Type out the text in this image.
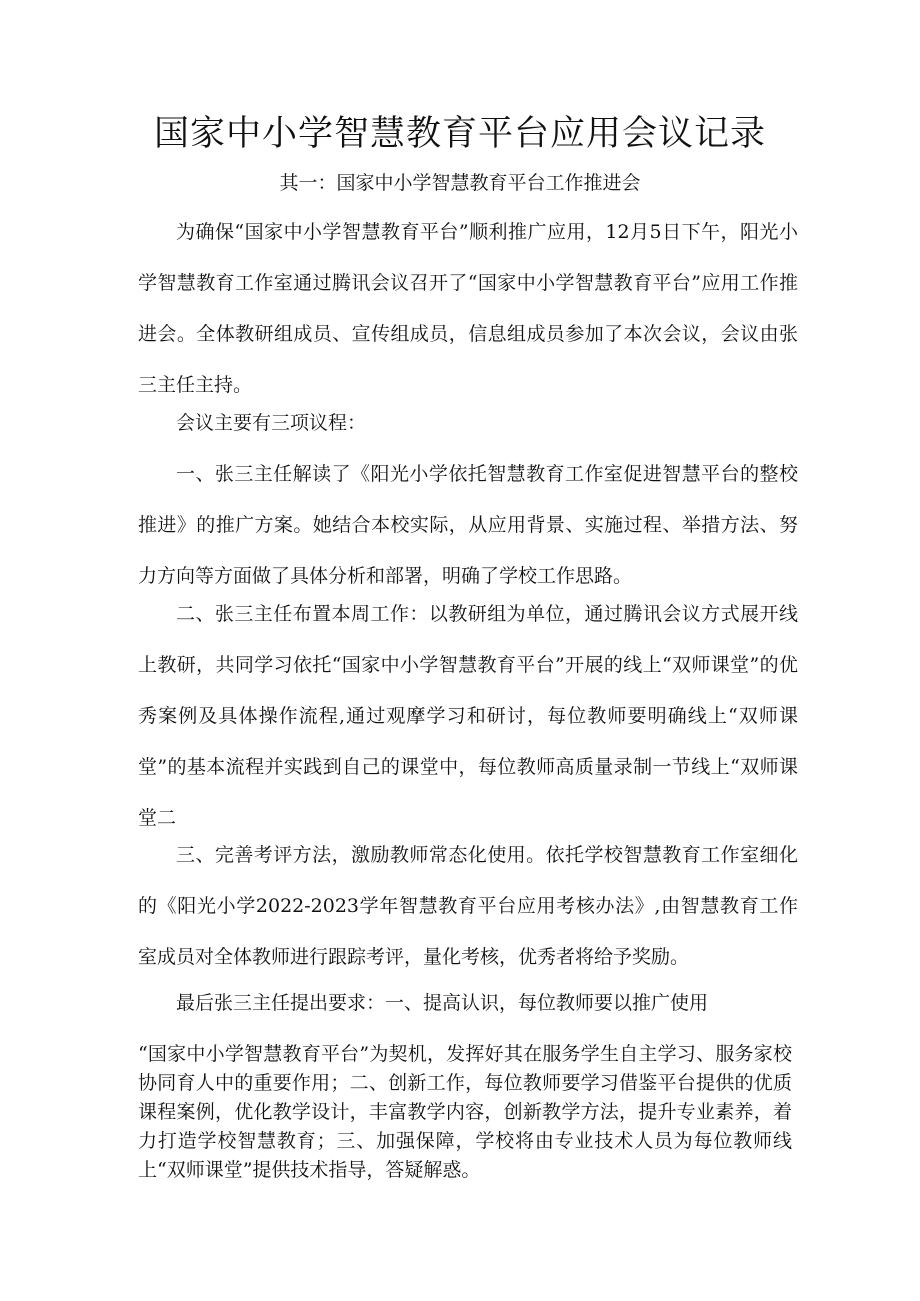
国家中小学智慧教育平台应用会议记录
其一：国家中小学智慧教育平台工作推进会

为确保“国家中小学智慧教育平台”顺利推广应用，12月5日下午，阳光小学智慧教育工作室通过腾讯会议召开了“国家中小学智慧教育平台”应用工作推进会。全体教研组成员、宣传组成员，信息组成员参加了本次会议，会议由张三主任主持。

会议主要有三项议程：

一、张三主任解读了《阳光小学依托智慧教育工作室促进智慧平台的整校推进》的推广方案。她结合本校实际，从应用背景、实施过程、举措方法、努力方向等方面做了具体分析和部署，明确了学校工作思路。

二、张三主任布置本周工作：以教研组为单位，通过腾讯会议方式展开线上教研，共同学习依托“国家中小学智慧教育平台”开展的线上“双师课堂”的优秀案例及具体操作流程,通过观摩学习和研讨，每位教师要明确线上“双师课堂”的基本流程并实践到自己的课堂中，每位教师高质量录制一节线上“双师课堂二

三、完善考评方法，激励教师常态化使用。依托学校智慧教育工作室细化的《阳光小学2022-2023学年智慧教育平台应用考核办法》,由智慧教育工作室成员对全体教师进行跟踪考评，量化考核，优秀者将给予奖励。

最后张三主任提出要求：一、提高认识，每位教师要以推广使用

“国家中小学智慧教育平台”为契机，发挥好其在服务学生自主学习、服务家校协同育人中的重要作用；二、创新工作，每位教师要学习借鉴平台提供的优质课程案例，优化教学设计，丰富教学内容，创新教学方法，提升专业素养，着力打造学校智慧教育；三、加强保障，学校将由专业技术人员为每位教师线上“双师课堂”提供技术指导，答疑解惑。
